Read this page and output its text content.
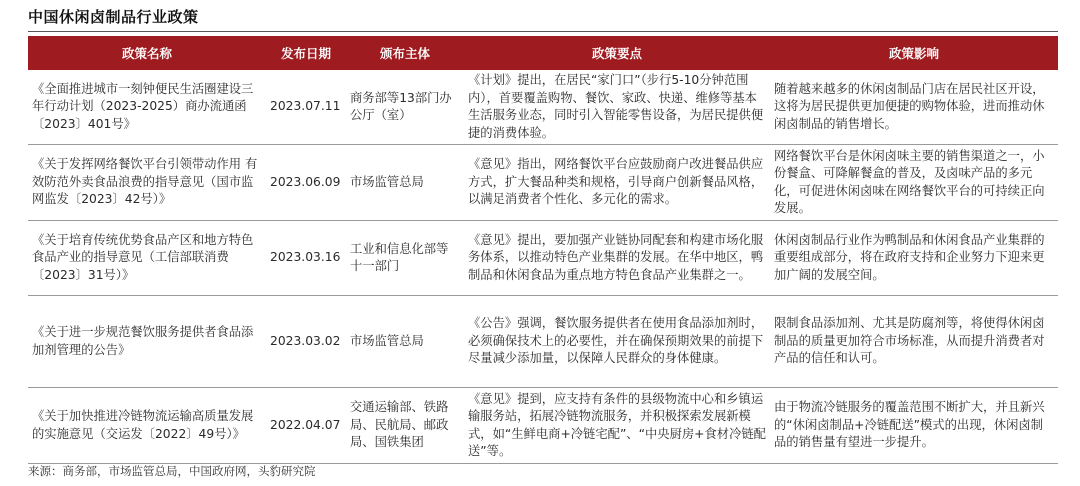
中国休闲卤制品行业政策
政策名称	发布日期	颁布主体	政策要点	政策影响
《全面推进城市一刻钟便民生活圈建设三年行动计划（2023-2025）商办流通函〔2023〕401号》	2023.07.11	商务部等13部门办公厅（室）	《计划》提出，在居民“家门口”（步行5-10分钟范围内），首要覆盖购物、餐饮、家政、快递、维修等基本生活服务业态，同时引入智能零售设备，为居民提供便捷的消费体验。	随着越来越多的休闲卤制品门店在居民社区开设，这将为居民提供更加便捷的购物体验，进而推动休闲卤制品的销售增长。
《关于发挥网络餐饮平台引领带动作用 有效防范外卖食品浪费的指导意见（国市监网监发〔2023〕42号）》	2023.06.09	市场监管总局	《意见》指出，网络餐饮平台应鼓励商户改进餐品供应方式，扩大餐品种类和规格，引导商户创新餐品风格，以满足消费者个性化、多元化的需求。	网络餐饮平台是休闲卤味主要的销售渠道之一，小份餐盒、可降解餐盒的普及，及卤味产品的多元化，可促进休闲卤味在网络餐饮平台的可持续正向发展。
《关于培育传统优势食品产区和地方特色食品产业的指导意见（工信部联消费〔2023〕31号）》	2023.03.16	工业和信息化部等十一部门	《意见》提出，要加强产业链协同配套和构建市场化服务体系，以推动特色产业集群的发展。在华中地区，鸭制品和休闲食品为重点地方特色食品产业集群之一。	休闲卤制品行业作为鸭制品和休闲食品产业集群的重要组成部分，将在政府支持和企业努力下迎来更加广阔的发展空间。
《关于进一步规范餐饮服务提供者食品添加剂管理的公告》	2023.03.02	市场监管总局	《公告》强调，餐饮服务提供者在使用食品添加剂时，必须确保技术上的必要性，并在确保预期效果的前提下尽量减少添加量，以保障人民群众的身体健康。	限制食品添加剂、尤其是防腐剂等，将使得休闲卤制品的质量更加符合市场标准，从而提升消费者对产品的信任和认可。
《关于加快推进冷链物流运输高质量发展的实施意见（交运发〔2022〕49号）》	2022.04.07	交通运输部、铁路局、民航局、邮政局、国铁集团	《意见》提到，应支持有条件的县级物流中心和乡镇运输服务站，拓展冷链物流服务，并积极探索发展新模式，如“生鲜电商+冷链宅配”、“中央厨房+食材冷链配送”等。	由于物流冷链服务的覆盖范围不断扩大，并且新兴的“休闲卤制品+冷链配送”模式的出现，休闲卤制品的销售量有望进一步提升。
来源：商务部，市场监管总局，中国政府网，头豹研究院
